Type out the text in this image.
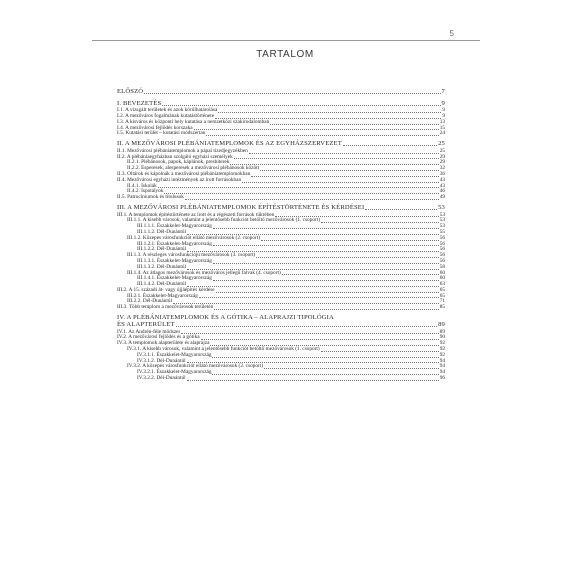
5
TARTALOM
ELŐSZÓ	7
I. BEVEZETÉS	9
I.1. A vizsgált területek és azok körülhatárolása	9
I.2. A mezőváros fogalmának kutatástörténete	9
I.3. A kisváros és központi hely kutatása a nemzetközi szakirodalomban	13
I.4. A mezővárosi fejlődés korszaka	15
I.5. Kutatási terület – kutatási módszertan	24
II. A MEZŐVÁROSI PLÉBÁNIATEMPLOMOK ÉS AZ EGYHÁZSZERVEZET	25
II.1. Mezővárosi plébániatemplomok a pápai tizedjegyzékben	25
II.2. A plébániaegyházban szolgáló egyházi személyek	29
II.2.1. Plébánosok, papok, káplánok, presbiterek	29
II.2.2. Esperesek, alesperesek a mezővárosi plébánosok között	32
II.3. Oltárok és kápolnák a mezővárosi plébániatemplomokban	36
II.4. Mezővárosi egyházi intézmények az írott forrásokban	43
II.4.1. Iskolák	43
II.4.2. Ispotályok	46
II.5. Patrocíniumok és titulusok	49
III. A MEZŐVÁROSI PLÉBÁNIATEMPLOMOK ÉPÍTÉSTÖRTÉNETE ÉS KÉRDÉSEI	53
III.1. A templomok építéstörténete az írott és a régészeti források tükrében	53
III.1.1. A kisebb városok, valamint a jelentősebb funkciót betöltő mezővárosok (1. csoport)	53
III.1.1.1. Északkelet-Magyarország	53
III.1.1.2. Dél-Dunántúl	55
III.1.2. Közepes városfunkciót ellátó mezővárosok (2. csoport)	56
III.1.2.1. Északkelet-Magyarország	56
III.1.2.2. Dél-Dunántúl	56
III.1.3. A részleges városfunkciójú mezővárosok (3. csoport)	56
III.1.3.1. Északkelet-Magyarország	56
III.1.3.2. Dél-Dunántúl	58
III.1.4. Az átlagos mezővárosok és mezőváros jellegű falvak (4. csoport)	60
III.1.4.1. Északkelet-Magyarország	60
III.1.4.2. Dél-Dunántúl	63
III.2. A 15. századi át- vagy újjáépítés kérdése	65
III.2.1. Északkelet-Magyarország	65
III.2.2. Dél-Dunántúl	71
III.3. Több templom a mezővárosok területén	85
IV. A PLÉBÁNIATEMPLOMOK ÉS A GÓTIKA – ALAPRAJZI TIPOLÓGIA
ÉS ALAPTERÜLET	89
IV.1. Az Andrén-féle módszer	89
IV.2. A mezővárosi fejlődés és a gótika	90
IV.3. A templomok alapterülete és alaprajza	92
IV.3.1. A kisebb városok, valamint a jelentősebb funkciót betöltő mezővárosok (1. csoport)	92
IV.3.1.1. Északkelet-Magyarország	92
IV.3.1.2. Dél-Dunántúl	94
IV.3.2. A közepes városfunkciót ellátó mezővárosok (2. csoport)	94
IV.3.2.1. Északkelet-Magyarország	94
IV.3.2.2. Dél-Dunántúl	96
